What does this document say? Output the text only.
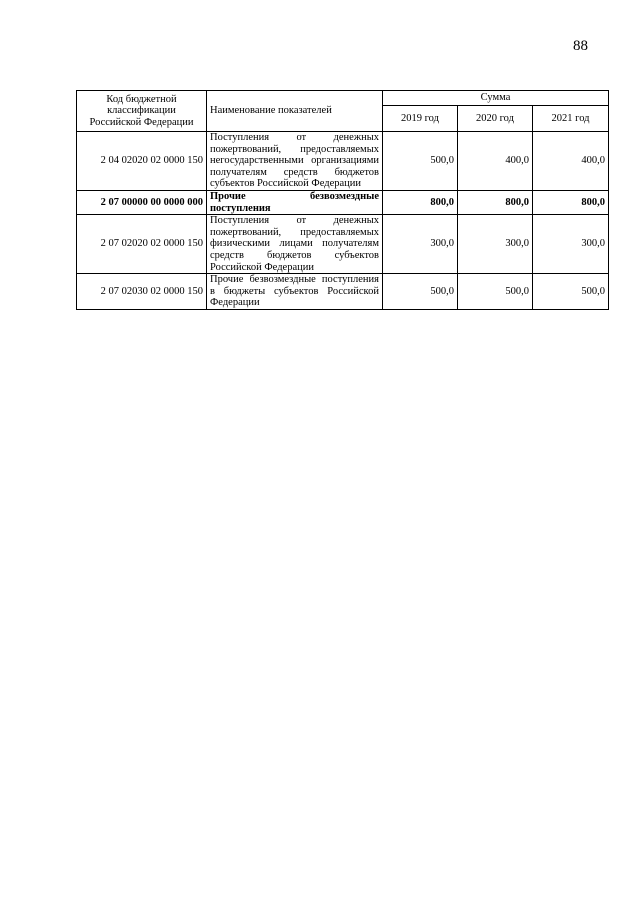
88
Код бюджетной классификации Российской Федерации	Наименование показателей	Сумма		
		2019 год	2020 год	2021 год
2 04 02020 02 0000 150	Поступления от денежных пожертвований, предоставляемых негосударственными организациями получателям средств бюджетов субъектов Российской Федерации	500,0	400,0	400,0
2 07 00000 00 0000 000	Прочие безвозмездные поступления	800,0	800,0	800,0
2 07 02020 02 0000 150	Поступления от денежных пожертвований, предоставляемых физическими лицами получателям средств бюджетов субъектов Российской Федерации	300,0	300,0	300,0
2 07 02030 02 0000 150	Прочие безвозмездные поступления в бюджеты субъектов Российской Федерации	500,0	500,0	500,0
